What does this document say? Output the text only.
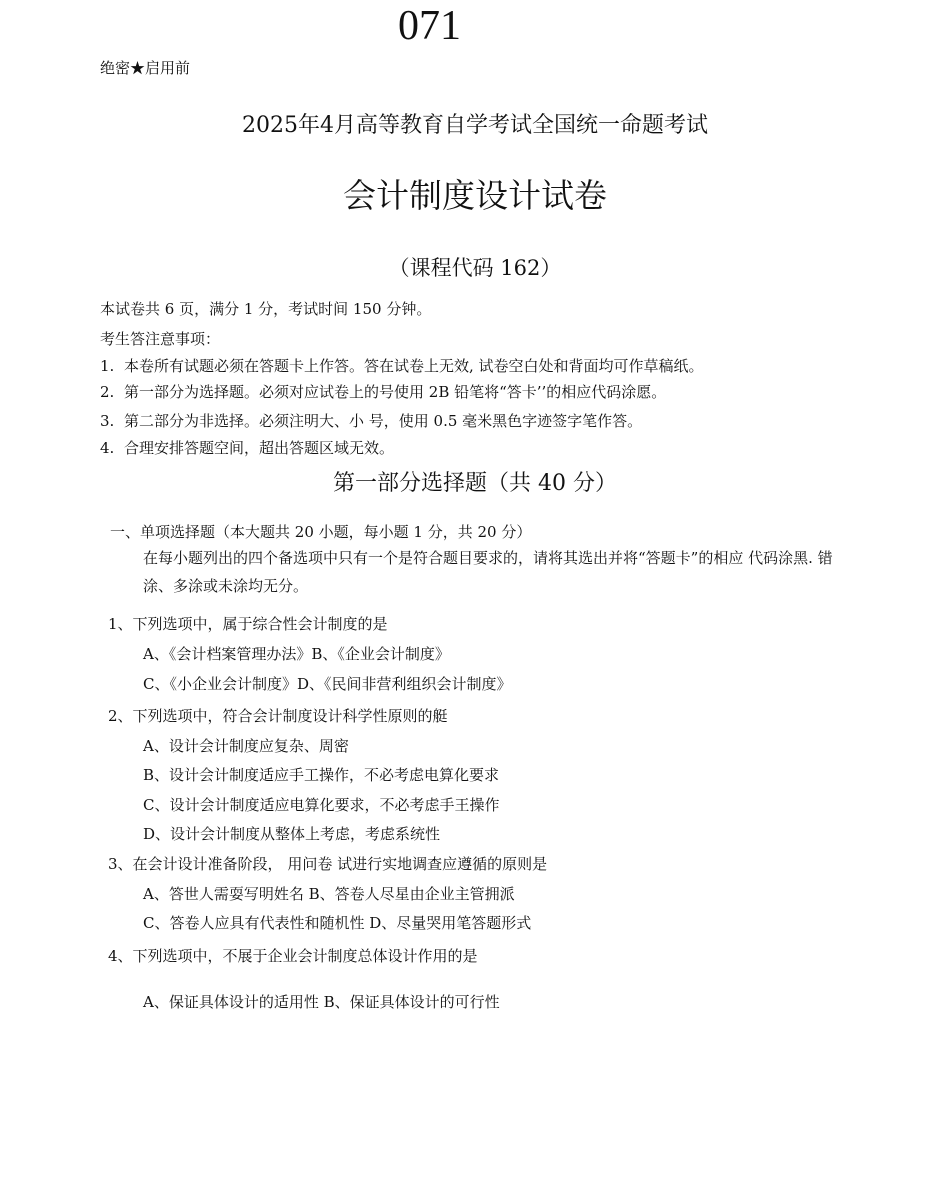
071
绝密★启用前
2025年4月高等教育自学考试全国统一命题考试
会计制度设计试卷
（课程代码 162）
本试卷共 6 页，满分 1 分，考试时间 150 分钟。
考生答注意事项：
1. 本卷所有试题必须在答题卡上作答。答在试卷上无效, 试卷空白处和背面均可作草稿纸。
2. 第一部分为选择题。必须对应试卷上的号使用 2B 铅笔将“答卡’’的相应代码涂愿。
3. 第二部分为非选择。必须注明大、小 号，使用 0.5 毫米黑色字迹签字笔作答。
4. 合理安排答题空间，超出答题区域无效。
第一部分选择题（共 40 分）
一、单项选择题（本大题共 20 小题，每小题 1 分，共 20 分）
在每小题列出的四个备选项中只有一个是符合题目要求的，请将其选出并将“答题卡”的相应 代码涂黑. 错涂、多涂或未涂均无分。
1、下列选项中，属于综合性会计制度的是
A、《会计档案管理办法》B、《企业会计制度》
C、《小企业会计制度》D、《民间非营利组织会计制度》
2、下列选项中，符合会计制度设计科学性原则的艇
A、设计会计制度应复杂、周密
B、设计会计制度适应手工操作，不必考虑电算化要求
C、设计会计制度适应电算化要求，不必考虑手王操作
D、设计会计制度从整体上考虑，考虑系统性
3、在会计设计准备阶段， 用问卷 试进行实地调查应遵循的原则是
A、答世人需耍写明姓名 B、答卷人尽星由企业主管拥派
C、答卷人应具有代表性和随机性 D、尽量哭用笔答题形式
4、下列选项中，不展于企业会计制度总体设计作用的是
A、保证具体设计的适用性 B、保证具体设计的可行性
